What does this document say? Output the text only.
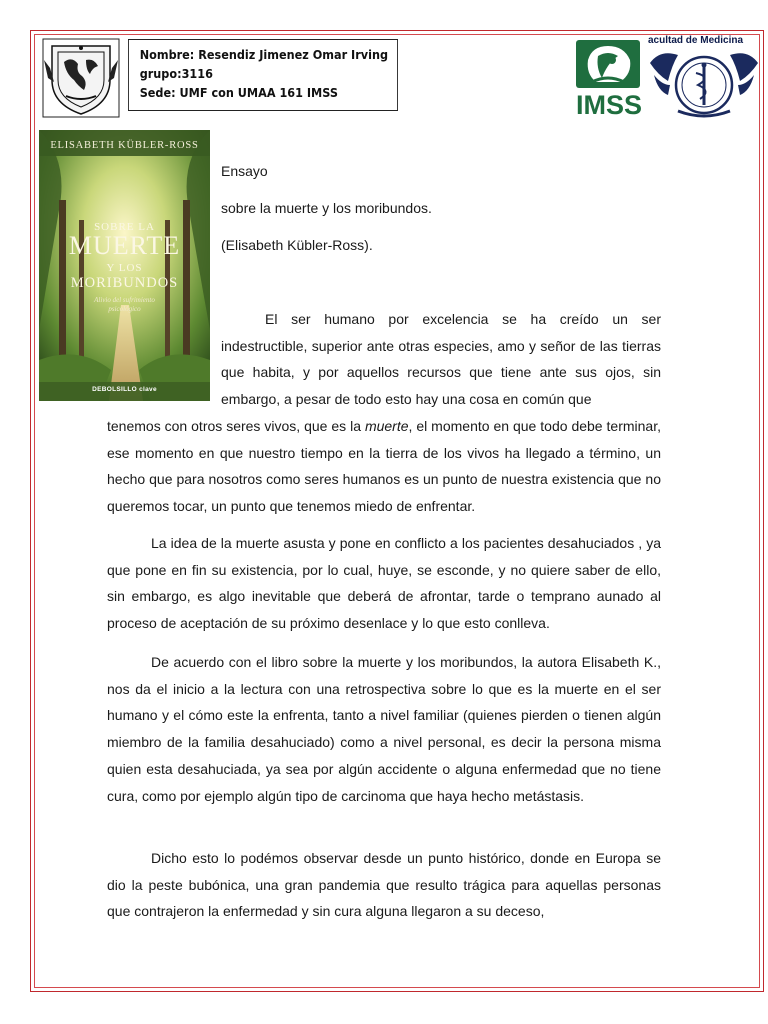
Nombre: Resendiz Jimenez Omar Irving
grupo:3116
Sede: UMF con UMAA 161 IMSS	IMSS
acultad de Medicina
ELISABETH KÜBLER-ROSS
SOBRE LA
MUERTE
Y LOS
MORIBUNDOS
Alivio del sufrimiento
psicológico
DEBOLSILLO clave
Ensayo
sobre la muerte y los moribundos.
(Elisabeth Kübler-Ross).

El ser humano por excelencia se ha creído un ser indestructible, superior ante otras especies, amo y señor de las tierras que habita, y por aquellos recursos que tiene ante sus ojos, sin embargo, a pesar de todo esto hay una cosa en común que

tenemos con otros seres vivos, que es la muerte, el momento en que todo debe terminar, ese momento en que nuestro tiempo en la tierra de los vivos ha llegado a término, un hecho que para nosotros como seres humanos es un punto de nuestra existencia que no queremos tocar, un punto que tenemos miedo de enfrentar.

La idea de la muerte asusta y pone en conflicto a los pacientes desahuciados , ya que pone en fin su existencia, por lo cual, huye, se esconde, y no quiere saber de ello, sin embargo, es algo inevitable que deberá de afrontar, tarde o temprano aunado al proceso de aceptación de su próximo desenlace y lo que esto conlleva.

De acuerdo con el libro sobre la muerte y los moribundos, la autora Elisabeth K., nos da el inicio a la lectura con una retrospectiva sobre lo que es la muerte en el ser humano y el cómo este la enfrenta, tanto a nivel familiar (quienes pierden o tienen algún miembro de la familia desahuciado) como a nivel personal, es decir la persona misma quien esta desahuciada, ya sea por algún accidente o alguna enfermedad que no tiene cura, como por ejemplo algún tipo de carcinoma que haya hecho metástasis.

Dicho esto lo podémos observar desde un punto histórico, donde en Europa se dio la peste bubónica, una gran pandemia que resulto trágica para aquellas personas que contrajeron la enfermedad y sin cura alguna llegaron a su deceso,
